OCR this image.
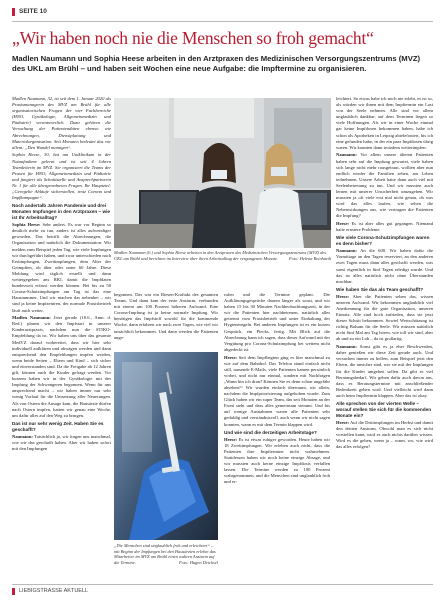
SEITE 10
„Wir haben noch nie die Menschen so froh gemacht“
Madlen Naumann und Sophia Heese arbeiten in den Arztpraxen des Medizinischen Versorgungszentrums (MVZ) des UKL am Brühl – und haben seit Wochen eine neue Aufgabe: die Impftermine zu organisieren.

Madlen Naumann, 32, ist seit dem 1. Januar 2020 als Praxismanagerin des MVZ am Brühl für alle organisatorischen Fragen der vier Fachbereiche (HNO, Gynäkologie, Allgemeinmedizin und Pädiatrie) verantwortlich. Dazu gehören die Verwaltung der Patientendaten ebenso wie Abrechnungen, Dienstplanung und Materialorganisation. Seit Monaten bedeutet das vor allem: „Den Wandel managen“.

Sophia Heese, 30, hat am Uniklinikum in der Notaufnahme gelernt und ist seit 4 Jahren Teamleiterin im MVZ. Sie organisiert die Teams der Praxen für HNO, Allgemeinmedizin und Pädiatrie und fungiert als Schnittstelle und Ansprechpartnerin Nr. 1 für alle übergeordneten Fragen. Ihr Hauptziel: „Geregelte Abläufe sicherstellen, trotz Corona und Impfkampagne“.

Noch andertalb Jahren Pandemie und drei Monaten Impfungen in den Arztpraxen – wie ist Ihr Arbeitsalltag?

Sophia Heese: Sehr anders. Es war vor Beginn so deutlich mehr zu tun, anders ist alles aufwendiger geworden. Das betrifft die Abrechnungen, die Organisation und natürlich die Dokumentation. Wir melden zum Beispiel jeden Tag, wie viele Impfungen wir durchgeführt haben, und zwar unterschieden nach Erstimpfungen, Zweitimpfungen, dem Alter der Geimpften, ob über oder unter 60 Jahre. Diese Meldung wird täglich erstellt und dann weitergegeben ans RKI, damit die Impfdaten bundesweit erfasst werden können. Bei bis zu 50 Corona-Schutzimpfungen am Tag ist das eine Hausnummer. Und wir machen das nebenbei – wir sind ja keine Impfzentren, der normale Praxisbetrieb läuft auch weiter.

Madlen Naumann: Jetzt gerade (18.6., Anm. d. Red.) planen wir den Impfstart in unserer Kinderarztpraxis, nachdem nun die STIKO-Empfehlung da ist. Wir haben uns über das gesamte MedVZ darauf vorbereitet, dass wir hier sehr individuell aufklären und abwägen werden und dann entsprechend den Empfehlungen impfen werden, wenn beide Seiten – Eltern und Kind – sich sicher und einverstanden sind. Da die Freigabe ab 12 Jahren gilt, können auch die Kinder gefragt werden. Vor kurzem haben wir in der Gynäkologie mit der Impfung der Schwangeren begonnen. Wenn für uns ansprechend macht – wir haben immer nur sehr wenig Vorlauf für die Umsetzung aller Neuerungen. Als von Ostern die Ansage kam, die Hausärzte dürfen nach Ostern impfen, hatten wir genau eine Woche, um dafür alles auf den Weg zu bringen.

Das ist nur sehr wenig Zeit. Haben Sie es geschafft?

Naumann: Tatsächlich ja, wir fragen uns manchmal, wie wir das geschafft haben. Aber wir haben sofort mit den Impfungen

Madlen Naumann (li.) und Sophia Heese arbeiten in den Arztpraxen des Medizinischen Versorgungszentrums (MVZ) des UKL am Brühl und berichten im Interview über ihren Arbeitsalltag der vergangenen Monate. Foto: Helena Reinhardt

begonnen. Das war ein Riesen-Kraftakt des gesamten Teams. Und dann kam der erste Ansturm, verbunden mit einem um 100 Prozent höheren Aufwand. Eine Corona-Impfung ist ja keine normale Impfung. Wir benötigen das Impfstoff sowohl für die kommende Woche, dann erfahren wir nach zwei Tagen, wie viel wir tatsächlich bekommen. Und dann werden die Patienten ange-

„Die Menschen sind unglaublich froh und erleichtert“ – mit Beginn der Impfungen bei den Hausärzten erlebte das Mitarbeiter im MVZ am Brühl einen wahren Ansturm auf die Termine.	Foto: Hagen Deichsel

rufen und die Termine geplant. Die Aufklärungsgespräche dauern länger als sonst, und wir haben 15 bis 30 Minuten Nachbeobachtungszeit, in der wir die Patienten hier nachbetreuen, natürlich alles getrennt vom Praxisbetrieb und unter Einhaltung der Hygieneregeln. Bei anderen Impfungen ist es ein kurzes Gespräch, ein Piecks, fertig. Mit Blick auf die Abrechnung kann ich sagen, dass dieser Aufwand mit der Vergütung pro Corona-Schutzimpfung bei weitem nicht abgedeckt ist.

Heese: Seit dem Impfbeginn ging es hier manchmal zu wie auf dem Bahnhof. Das Telefon stand einfach nicht still, tausende E-Mails, viele Patienten kamen persönlich vorbei, und nicht nur einmal, sondern mit Nachfragen „Wann bin ich dran? Können Sie es denn schon ungefähr absehen?“ Wir wurden einfach überrannt, wir allein, nachdem die Impfpriorisierung aufgehoben wurde. Zum Glück haben wir ein super Team, das seit Monaten an der Front steht und dass alles gemeinsam stemmt. Und bis auf wenige Ausnahmen waren alle Patienten sehr geduldig und verständnisvoll, auch wenn wir nicht sagen konnten, wann es mit dem Termin klappen wird.

Und wie sind die derzeitigen Arbeitstage?

Heese: Es ist etwas ruhiger geworden. Heute haben wir 18 Zweitimpfungen. Wir erleben auch nicht, dass die Patienten ihre Impftermine nicht wahrnehmen. Stattdessen haben wir noch keine einzige Absage, und wir mussten auch keine einzige Impfdosis verfallen lassen. Die Termine werden zu 100 Prozent wahrgenommen, und die Menschen sind unglaublich froh und er-

leichtert. So etwas habe ich noch nie erlebt, es ist so, als würden wir ihnen mit dem Impftermin ein Last von der Seele nehmen. Alle sind vor allem unglaublich dankbar, auf dem Terminen liegen so viele Hoffnungen. Als wir in einer Woche einmal gar keine Impfdosen bekommen haben, habe ich schon als Apotheken in Leipzig abtelefoniert, bis ich eine gefunden habe, in der ein paar Impfdosen übrig waren. Wir konnten dann trotzdem weiterimpfen.

Naumann: Vor allem unsere älteren Patienten haben sehr auf die Impfung gewartet, viele haben sich lange nicht mehr rausgetraut, wollten aber nun endlich wieder die Familien sehen, am Leben teilnehmen. Unsere Arbeit hatte dann auch viel mit Seelenbetreuung zu tun. Und wir mussten auch lernen mit unserer Unsicherheit umzugehen. Wir mussten ja oft viele erst mal nicht genau, ob was wird das alles laufen, wie sehen die Nebenwirkungen aus, wie vertragen die Patienten die Impfung?

Heese: Es ist aber alles gut gegangen. Niemand hatte ernstere Probleme.

Wie viele Corona-Schutzimpfungen waren es denn bisher?

Naumann: An die 600. Wir haben dafür die Vormittage an den Tagen reserviert, an den anderen zwei Tagen muss dann alles geschafft werden, was sonst eigentlich in fünf Tagen erledigt wurde. Und das ist alles natürlich nicht ohne Überstunden machbar.

Wie haben Sie das als Team geschafft?

Heese: Aber die Patienten sehen das, wissen unseren Aufwand. Wir bekommen unglaublich viel Anerkennung für die gute Organisation, unseren Einsatz. Alle sind hoch zufrieden, dass sie jetzt dieser Schritt bekommen. Sowiel Wertschätzung ist richtig Balsam für die Seele. Wir müssen natürlich nicht fünf Mal am Tag hören, wie toll wir sind, aber ab und zu ein Lob – da ist großartig.

Naumann: Sonst gibt es ja eher Beschwerden, daher genießen wir diese Zeit gerade auch. Und versuchen immer zu helfen, zum Beispiel jetzt den Eltern, die unsicher sind, wie sie mit der Impfungen für die Kinder umgehen sollen. Da gibt es viel Beratungsbedarf. Wir geben dafür auch davon aus, dass es Beratungstermine mit anschließender Bedenkzeit geben wird. Und vielleicht wird dann auch beim Impftermin klappen. Aber das ist okay.

Alle sprechen von der vierten Welle – worauf stellen Sie sich für die kommenden Monate ein?

Heese: Auf die Drittimpfungen im Herbst und damit den dritten Ansturm. Obwohl man es sich nicht vorstellen kann, wird es auch nichts darüber wissen. Wird es die geben, wenn ja – wann, wo, wie wird das alles erfolgen?

LIEBIGSTRASSE AKTUELL
